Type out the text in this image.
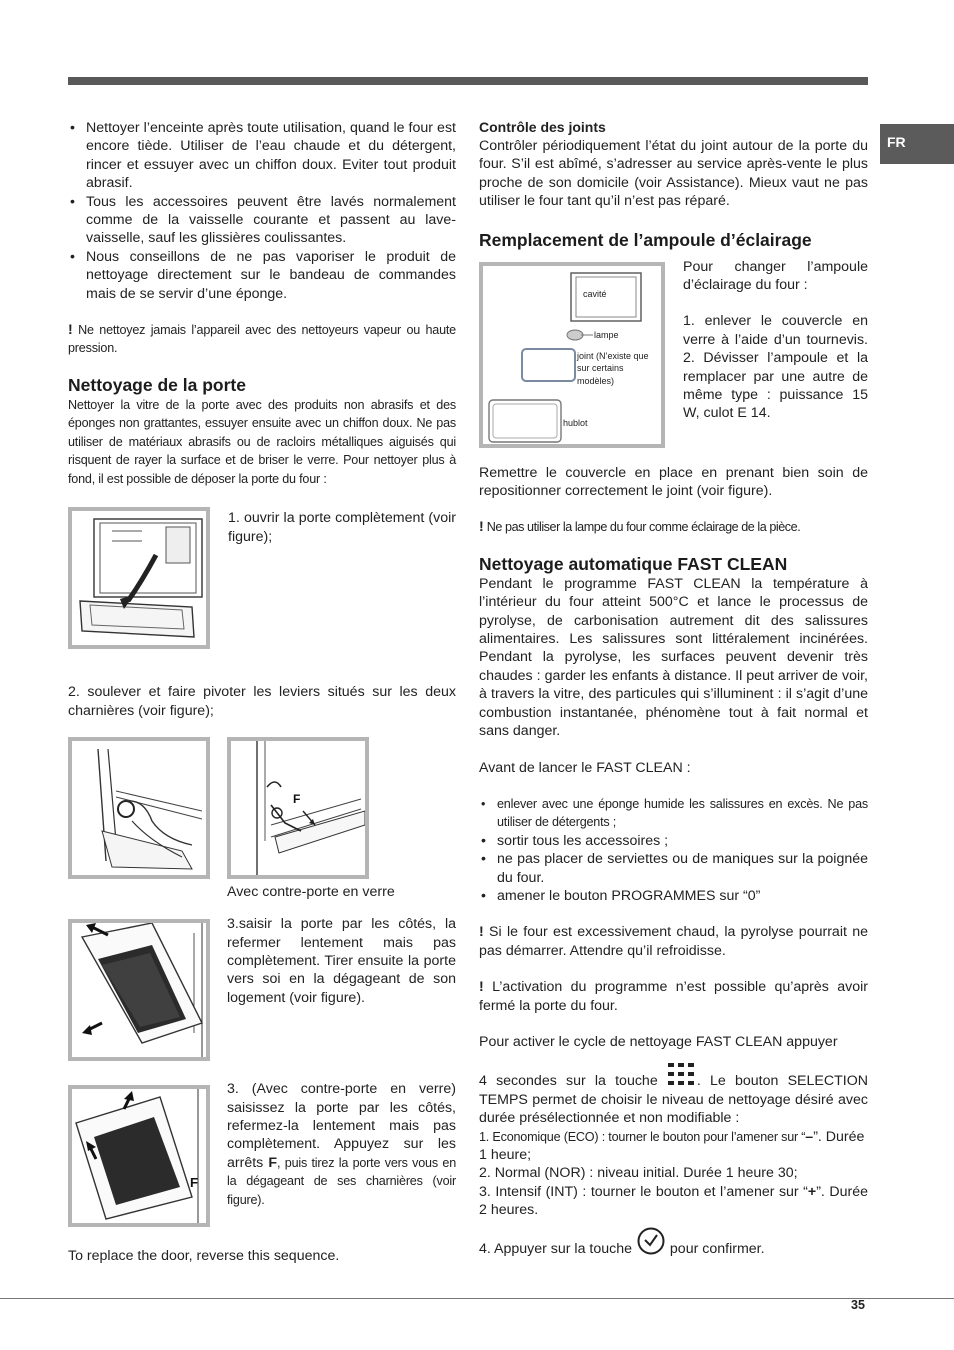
FR
• Nettoyer l’enceinte après toute utilisation, quand le four est encore tiède. Utiliser de l’eau chaude et du détergent, rincer et essuyer avec un chiffon doux. Eviter tout produit abrasif.
• Tous les accessoires peuvent être lavés normalement comme de la vaisselle courante et passent au lave-vaisselle, sauf les glissières coulissantes.
• Nous conseillons de ne pas vaporiser le produit de nettoyage directement sur le bandeau de commandes mais de se servir d’une éponge.

! Ne nettoyez jamais l’appareil avec des nettoyeurs vapeur ou haute pression.

Nettoyage de la porte

Nettoyer la vitre de la porte avec des produits non abrasifs et des éponges non grattantes, essuyer ensuite avec un chiffon doux. Ne pas utiliser de matériaux abrasifs ou de racloirs métalliques aiguisés qui risquent de rayer la surface et de briser le verre. Pour nettoyer plus à fond, il est possible de déposer la porte du four :

1. ouvrir la porte complètement (voir figure);

2. soulever et faire pivoter les leviers situés sur les deux charnières (voir figure);

F

Avec contre-porte en verre

3.saisir la porte par les côtés, la refermer lentement mais pas complètement. Tirer ensuite la porte vers soi en la dégageant de son logement (voir figure).

F

3. (Avec contre-porte en verre) saisissez la porte par les côtés, refermez-la lentement mais pas complètement. Appuyez sur les arrêts F, puis tirez la porte vers vous en la dégageant de ses charnières (voir figure).

To replace the door, reverse this sequence.

Contrôle des joints

Contrôler périodiquement l’état du joint autour de la porte du four. S’il est abîmé, s’adresser au service après-vente le plus proche de son domicile (voir Assistance). Mieux vaut ne pas utiliser le four tant qu’il n’est pas réparé.

Remplacement de l’ampoule d’éclairage
cavité
lampe
joint (N’existe que sur certains modèles)
hublot

Pour changer l’ampoule d’éclairage du four :

1. enlever le couvercle en verre à l’aide d’un tournevis. 2. Dévisser l’ampoule et la remplacer par une autre de même type : puissance 15 W, culot E 14.

Remettre le couvercle en place en prenant bien soin de repositionner correctement le joint (voir figure).

! Ne pas utiliser la lampe du four comme éclairage de la pièce.

Nettoyage automatique FAST CLEAN

Pendant le programme FAST CLEAN la température à l’intérieur du four atteint 500°C et lance le processus de pyrolyse, de carbonisation autrement dit des salissures alimentaires. Les salissures sont littéralement incinérées. Pendant la pyrolyse, les surfaces peuvent devenir très chaudes : garder les enfants à distance. Il peut arriver de voir, à travers la vitre, des particules qui s’illuminent : il s’agit d’une combustion instantanée, phénomène tout à fait normal et sans danger.

Avant de lancer le FAST CLEAN :

• enlever avec une éponge humide les salissures en excès. Ne pas utiliser de détergents ;
• sortir tous les accessoires ;
• ne pas placer de serviettes ou de maniques sur la poignée du four.
• amener le bouton PROGRAMMES sur “0”

! Si le four est excessivement chaud, la pyrolyse pourrait ne pas démarrer. Attendre qu’il refroidisse.

! L’activation du programme n’est possible qu’après avoir fermé la porte du four.

Pour activer le cycle de nettoyage FAST CLEAN appuyer

4 secondes sur la touche	. Le bouton SELECTION TEMPS permet de choisir le niveau de nettoyage désiré avec durée présélectionnée et non modifiable :

1. Economique (ECO) : tourner le bouton pour l’amener sur “–”. Durée 1 heure;

2. Normal (NOR) : niveau initial. Durée 1 heure 30;

3. Intensif (INT) : tourner le bouton et l’amener sur “+”. Durée 2 heures.

4. Appuyer sur la touche	pour confirmer.

35
